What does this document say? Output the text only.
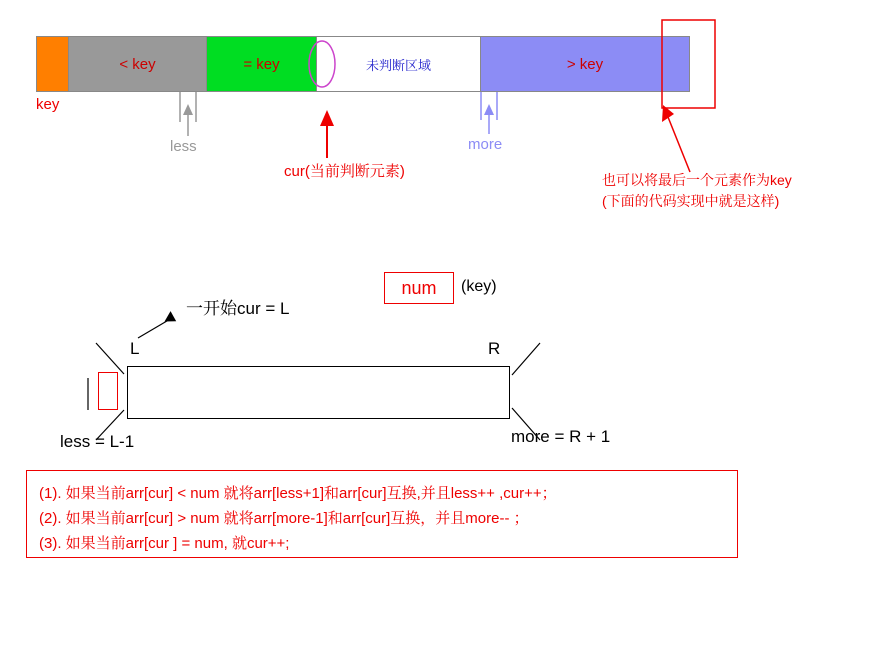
< key	= key	未判断区域	> key
key
less	more
cur(当前判断元素)	也可以将最后一个元素作为key
(下面的代码实现中就是这样)
num	(key)
一开始cur = L
L	R
less = L-1	more = R + 1
(1). 如果当前arr[cur] < num 就将arr[less+1]和arr[cur]互换,并且less++ ,cur++；
(2). 如果当前arr[cur] > num 就将arr[more-1]和arr[cur]互换，并且more-- ；
(3). 如果当前arr[cur ] = num, 就cur++;
